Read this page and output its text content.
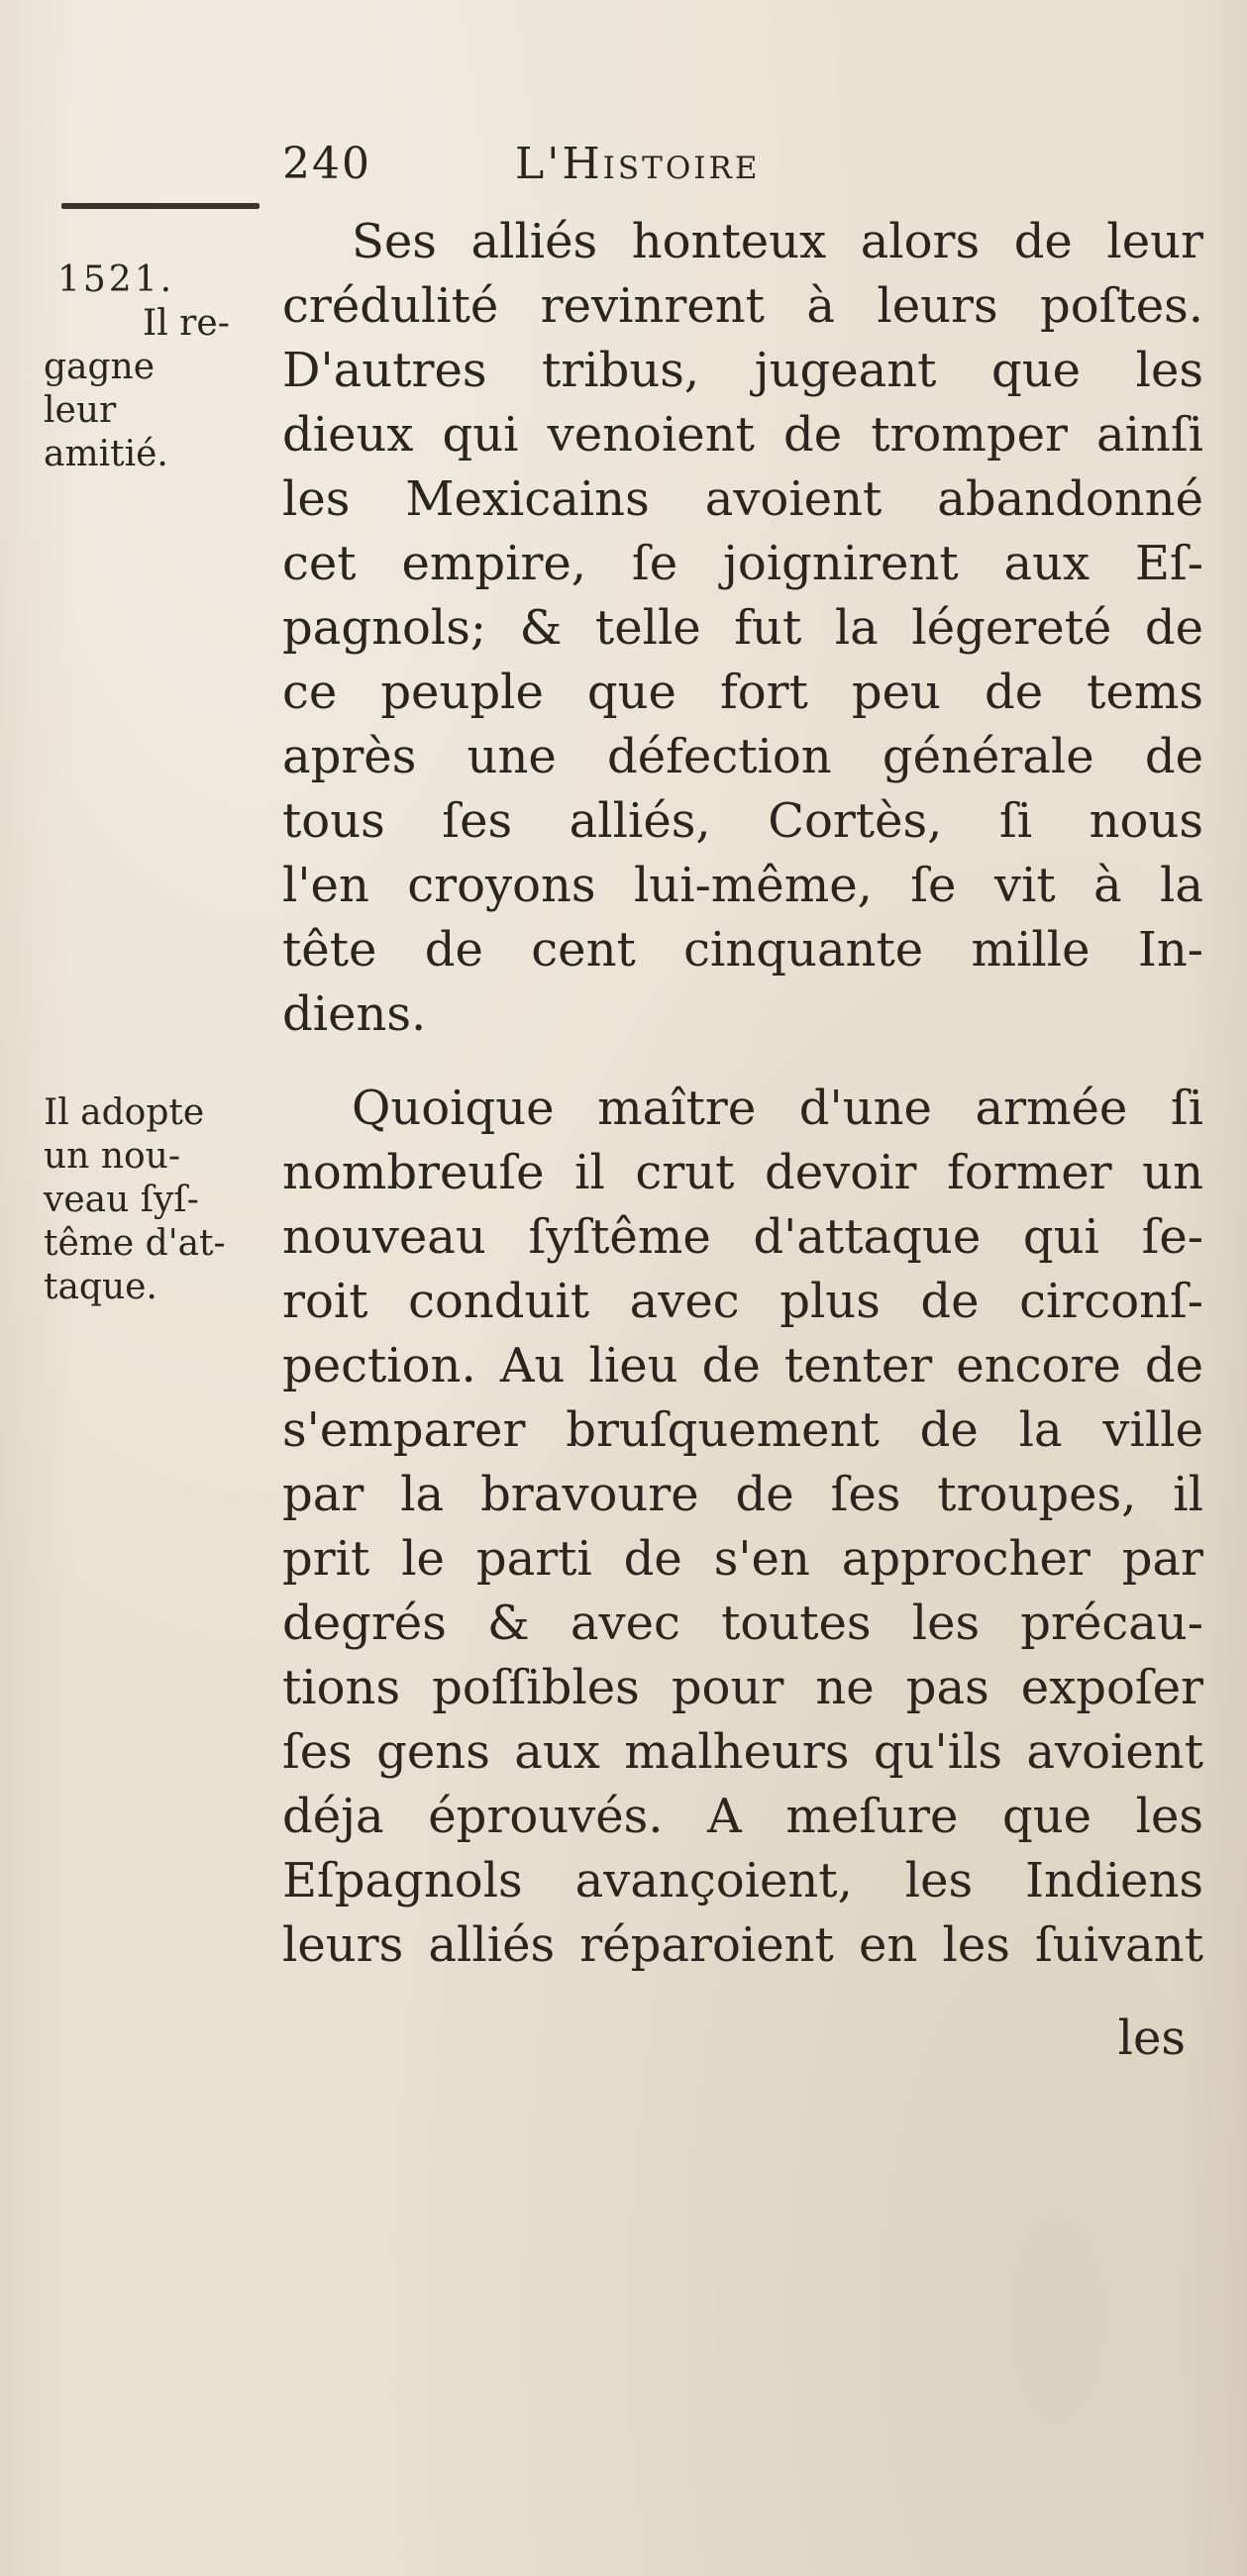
240	L'Histoire
1521.
Il re-
gagne
leur
amitié.
Il adopte
un nou-
veau ſyſ-
tême d'at-
taque.
Ses alliés honteux alors de leur
crédulité revinrent à leurs poſtes.
D'autres tribus, jugeant que les
dieux qui venoient de tromper ainſi
les Mexicains avoient abandonné
cet empire, ſe joignirent aux Eſ-
pagnols; & telle fut la légereté de
ce peuple que fort peu de tems
après une défection générale de
tous ſes alliés, Cortès, ſi nous
l'en croyons lui-même, ſe vit à la
tête de cent cinquante mille In-
diens.
Quoique maître d'une armée ſi
nombreuſe il crut devoir former un
nouveau ſyſtême d'attaque qui ſe-
roit conduit avec plus de circonſ-
pection. Au lieu de tenter encore de
s'emparer bruſquement de la ville
par la bravoure de ſes troupes, il
prit le parti de s'en approcher par
degrés & avec toutes les précau-
tions poſſibles pour ne pas expoſer
ſes gens aux malheurs qu'ils avoient
déja éprouvés. A meſure que les
Eſpagnols avançoient, les Indiens
leurs alliés réparoient en les ſuivant
les
